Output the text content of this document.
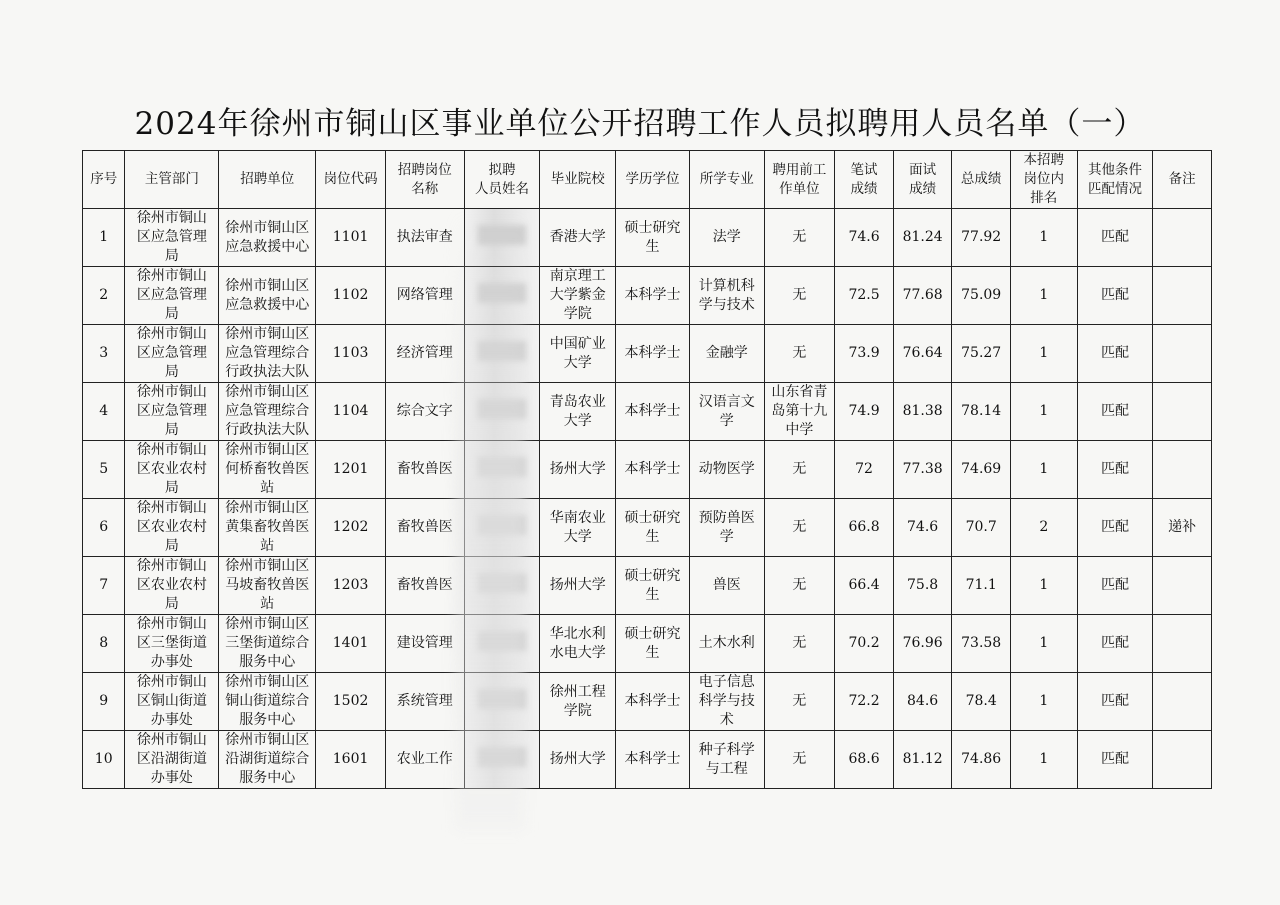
2024年徐州市铜山区事业单位公开招聘工作人员拟聘用人员名单（一）
序号	主管部门	招聘单位	岗位代码	招聘岗位
名称	拟聘
人员姓名	毕业院校	学历学位	所学专业	聘用前工
作单位	笔试
成绩	面试
成绩	总成绩	本招聘
岗位内
排名	其他条件
匹配情况	备注
1	徐州市铜山
区应急管理
局	徐州市铜山区
应急救援中心	1101	执法审查		香港大学	硕士研究
生	法学	无	74.6	81.24	77.92	1	匹配	
2	徐州市铜山
区应急管理
局	徐州市铜山区
应急救援中心	1102	网络管理		南京理工
大学紫金
学院	本科学士	计算机科
学与技术	无	72.5	77.68	75.09	1	匹配	
3	徐州市铜山
区应急管理
局	徐州市铜山区
应急管理综合
行政执法大队	1103	经济管理		中国矿业
大学	本科学士	金融学	无	73.9	76.64	75.27	1	匹配	
4	徐州市铜山
区应急管理
局	徐州市铜山区
应急管理综合
行政执法大队	1104	综合文字		青岛农业
大学	本科学士	汉语言文
学	山东省青
岛第十九
中学	74.9	81.38	78.14	1	匹配	
5	徐州市铜山
区农业农村
局	徐州市铜山区
何桥畜牧兽医
站	1201	畜牧兽医		扬州大学	本科学士	动物医学	无	72	77.38	74.69	1	匹配	
6	徐州市铜山
区农业农村
局	徐州市铜山区
黄集畜牧兽医
站	1202	畜牧兽医		华南农业
大学	硕士研究
生	预防兽医
学	无	66.8	74.6	70.7	2	匹配	递补
7	徐州市铜山
区农业农村
局	徐州市铜山区
马坡畜牧兽医
站	1203	畜牧兽医		扬州大学	硕士研究
生	兽医	无	66.4	75.8	71.1	1	匹配	
8	徐州市铜山
区三堡街道
办事处	徐州市铜山区
三堡街道综合
服务中心	1401	建设管理		华北水利
水电大学	硕士研究
生	土木水利	无	70.2	76.96	73.58	1	匹配	
9	徐州市铜山
区铜山街道
办事处	徐州市铜山区
铜山街道综合
服务中心	1502	系统管理		徐州工程
学院	本科学士	电子信息
科学与技
术	无	72.2	84.6	78.4	1	匹配	
10	徐州市铜山
区沿湖街道
办事处	徐州市铜山区
沿湖街道综合
服务中心	1601	农业工作		扬州大学	本科学士	种子科学
与工程	无	68.6	81.12	74.86	1	匹配	
